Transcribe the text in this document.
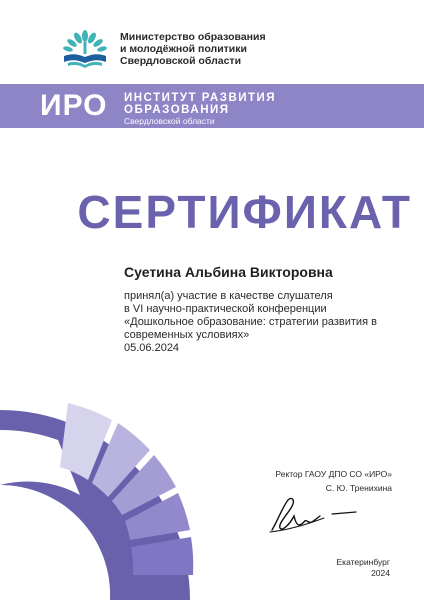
Министерство образования
и молодёжной политики
Свердловской области
ИРО ИНСТИТУТ РАЗВИТИЯ
ОБРАЗОВАНИЯ
Свердловской области
СЕРТИФИКАТ
Суетина Альбина Викторовна
принял(а) участие в качестве слушателя
в VI научно-практической конференции
«Дошкольное образование: стратегии развития в
современных условиях»
05.06.2024
Ректор ГАОУ ДПО СО «ИРО»
С. Ю. Тренихина
Екатеринбург
2024
